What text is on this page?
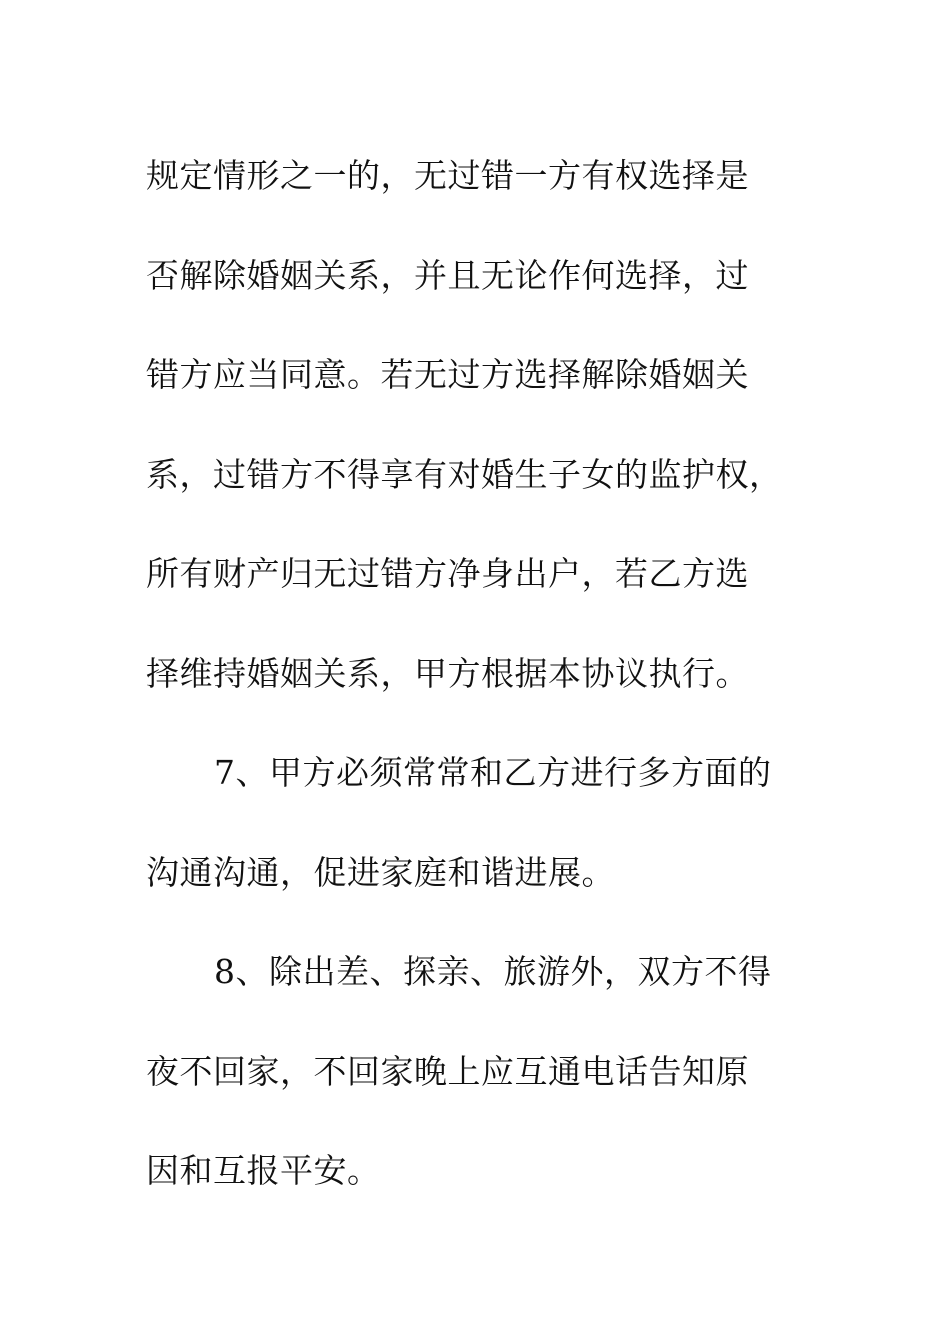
规定情形之一的，无过错一方有权选择是
否解除婚姻关系，并且无论作何选择，过
错方应当同意。若无过方选择解除婚姻关
系，过错方不得享有对婚生子女的监护权，
所有财产归无过错方净身出户，若乙方选
择维持婚姻关系，甲方根据本协议执行。
7、甲方必须常常和乙方进行多方面的
沟通沟通，促进家庭和谐进展。
8、除出差、探亲、旅游外，双方不得
夜不回家，不回家晚上应互通电话告知原
因和互报平安。
